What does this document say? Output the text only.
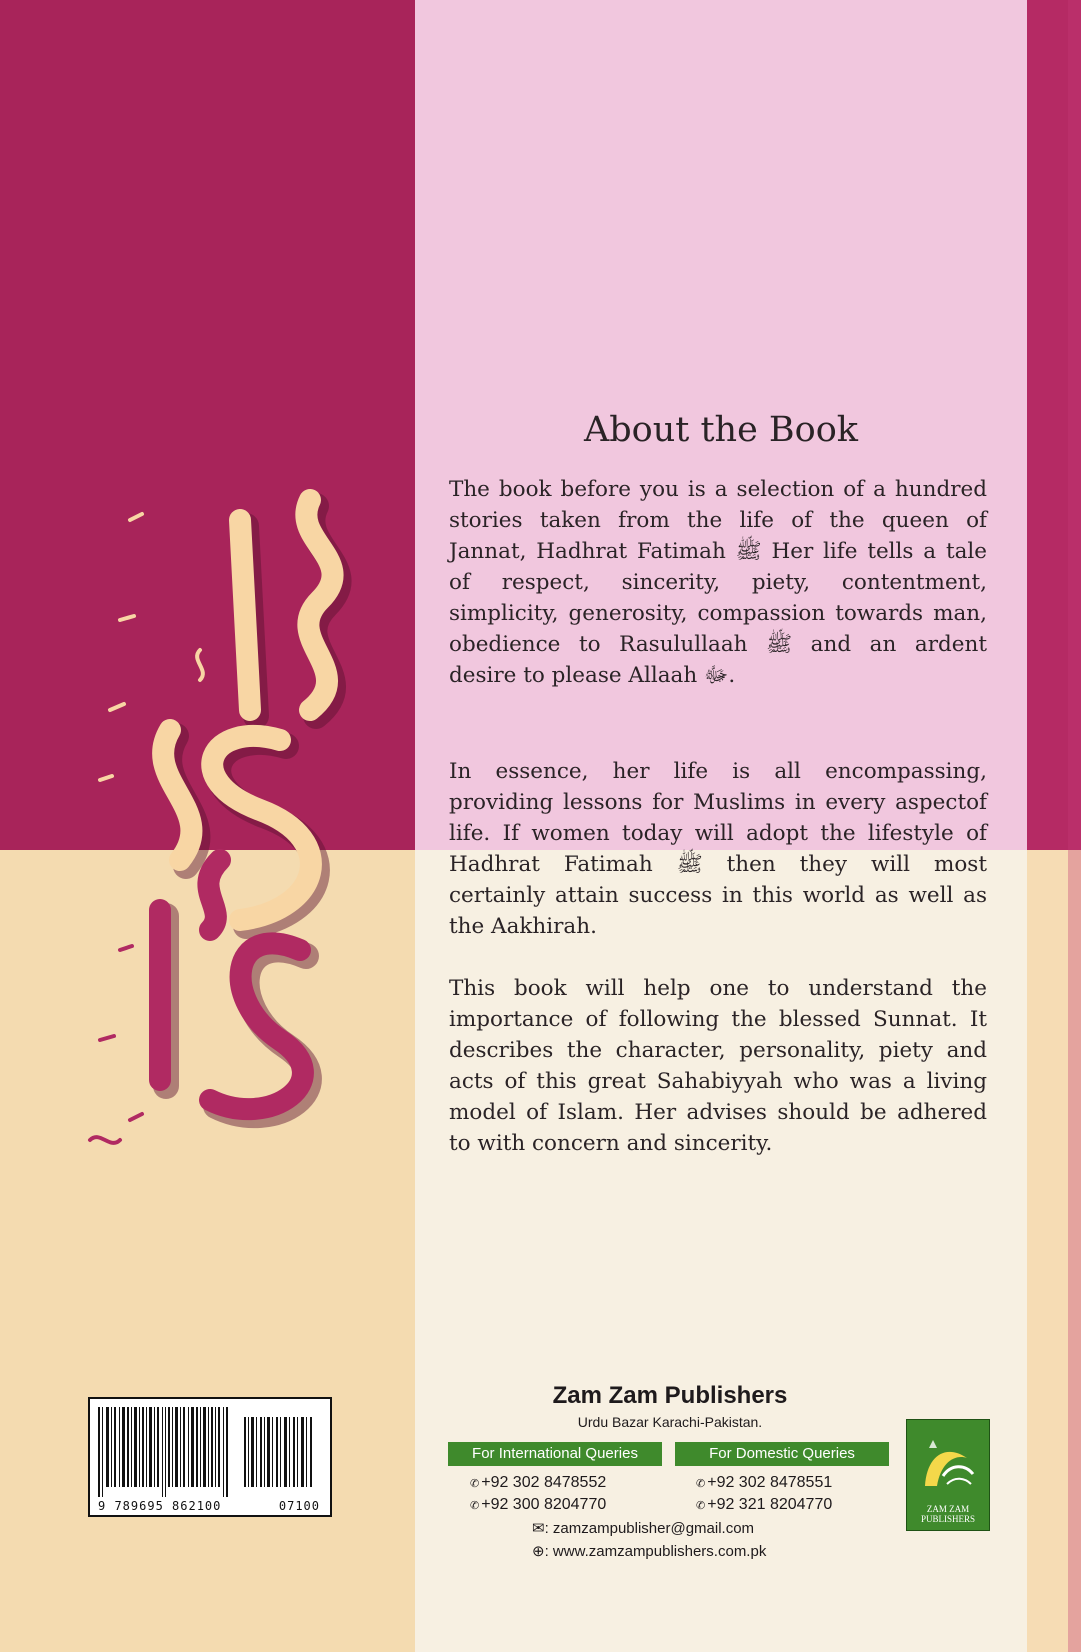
About the Book

The book before you is a selection of a hundred stories taken from the life of the queen of Jannat, Hadhrat Fatimah ﷺ Her life tells a tale of respect, sincerity, piety, contentment, simplicity, generosity, compassion towards man, obedience to Rasulullaah ﷺ and an ardent desire to please Allaah ﷻ.

In essence, her life is all encompassing, providing lessons for Muslims in every aspectof life. If women today will adopt the lifestyle of Hadhrat Fatimah ﷺ then they will most certainly attain success in this world as well as the Aakhirah.

This book will help one to understand the importance of following the blessed Sunnat. It describes the character, personality, piety and acts of this great Sahabiyyah who was a living model of Islam. Her advises should be adhered to with concern and sincerity.

9 789695 862100	07100
Zam Zam Publishers
Urdu Bazar Karachi-Pakistan.
For International Queries	For Domestic Queries
✆ +92 302 8478552
✆ +92 300 8204770
✆ +92 302 8478551
✆ +92 321 8204770
✉: zamzampublisher@gmail.com
⊕: www.zamzampublishers.com.pk
ZAM ZAM PUBLISHERS
